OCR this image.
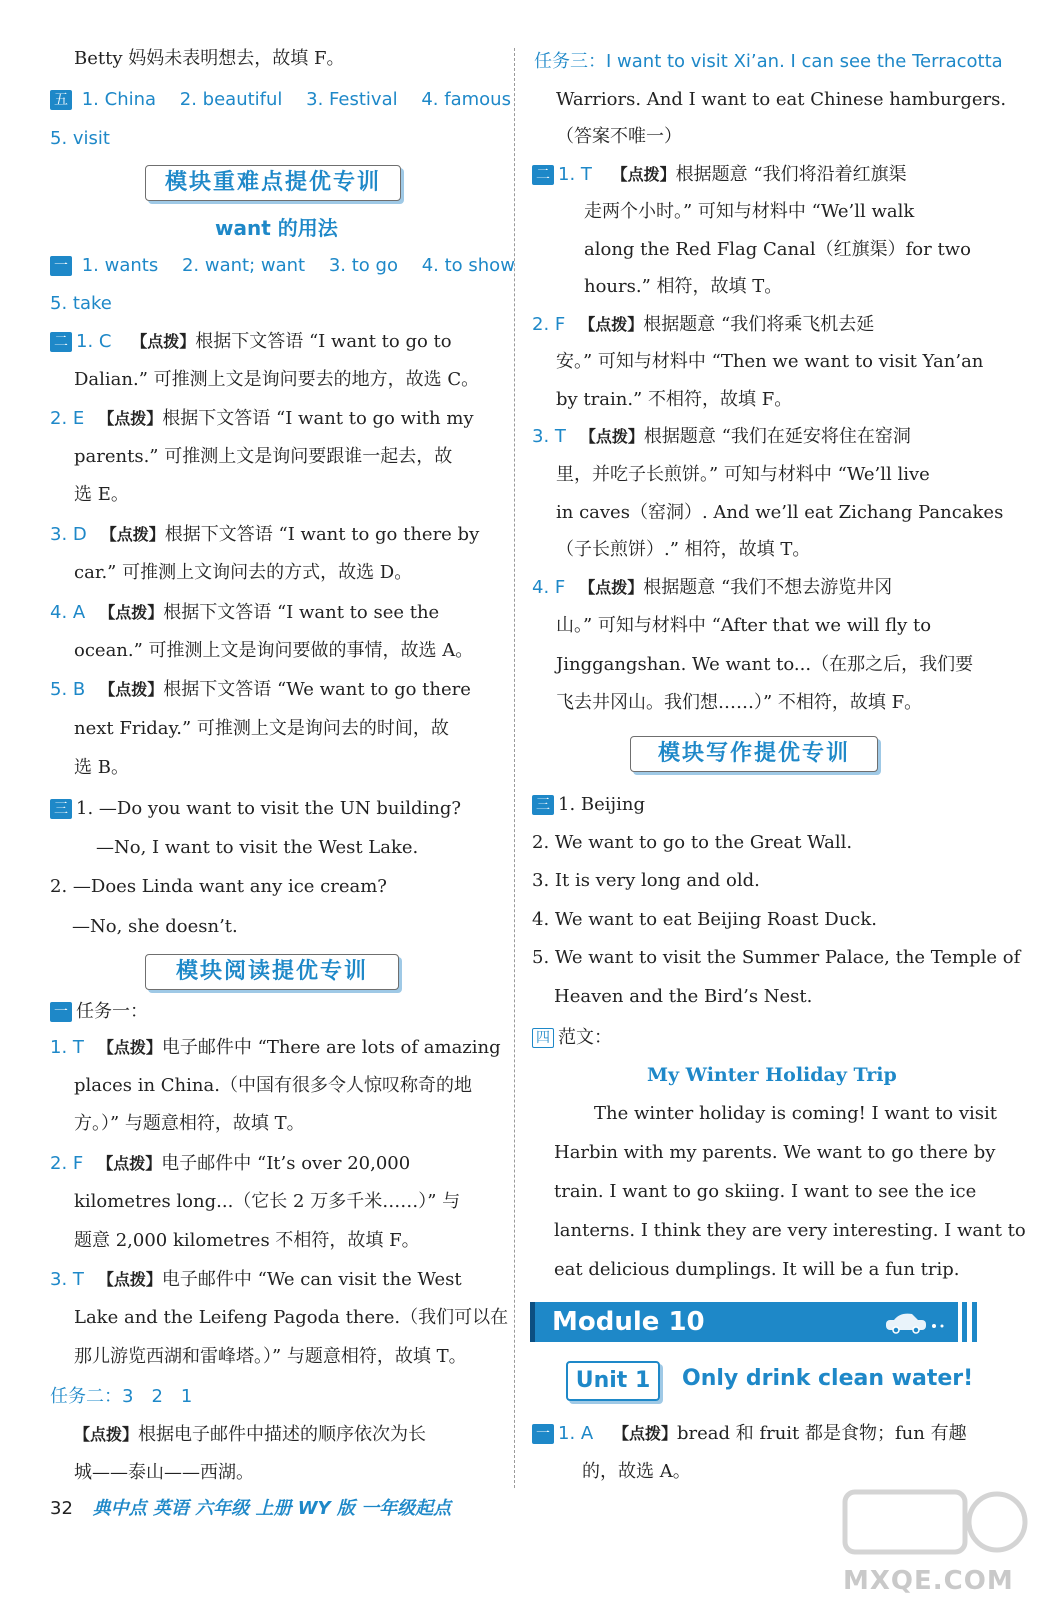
Betty 妈妈未表明想去，故填 F。
五 1. China 2. beautiful 3. Festival 4. famous
5. visit
模块重难点提优专训
want 的用法
一 1. wants 2. want; want 3. to go 4. to show
5. take
二 1. C 【点拨】根据下文答语 “I want to go to
Dalian.” 可推测上文是询问要去的地方，故选 C。
2. E 【点拨】根据下文答语 “I want to go with my
parents.” 可推测上文是询问要跟谁一起去，故
选 E。
3. D 【点拨】根据下文答语 “I want to go there by
car.” 可推测上文询问去的方式，故选 D。
4. A 【点拨】根据下文答语 “I want to see the
ocean.” 可推测上文是询问要做的事情，故选 A。
5. B 【点拨】根据下文答语 “We want to go there
next Friday.” 可推测上文是询问去的时间，故
选 B。
三 1. —Do you want to visit the UN building?
—No, I want to visit the West Lake.
2. —Does Linda want any ice cream?
—No, she doesn’t.
模块阅读提优专训
一 任务一：
1. T 【点拨】电子邮件中 “There are lots of amazing
places in China.（中国有很多令人惊叹称奇的地
方。）” 与题意相符，故填 T。
2. F 【点拨】电子邮件中 “It’s over 20,000
kilometres long...（它长 2 万多千米……）” 与
题意 2,000 kilometres 不相符，故填 F。
3. T 【点拨】电子邮件中 “We can visit the West
Lake and the Leifeng Pagoda there.（我们可以在
那儿游览西湖和雷峰塔。）” 与题意相符，故填 T。
任务二：3　2　1
【点拨】根据电子邮件中描述的顺序依次为长
城——泰山——西湖。
任务三：I want to visit Xi’an. I can see the Terracotta
Warriors. And I want to eat Chinese hamburgers.
（答案不唯一）
二 1. T 【点拨】根据题意 “我们将沿着红旗渠
走两个小时。” 可知与材料中 “We’ll walk
along the Red Flag Canal（红旗渠）for two
hours.” 相符，故填 T。
2. F 【点拨】根据题意 “我们将乘飞机去延
安。” 可知与材料中 “Then we want to visit Yan’an
by train.” 不相符，故填 F。
3. T 【点拨】根据题意 “我们在延安将住在窑洞
里，并吃子长煎饼。” 可知与材料中 “We’ll live
in caves（窑洞）. And we’ll eat Zichang Pancakes
（子长煎饼）.” 相符，故填 T。
4. F 【点拨】根据题意 “我们不想去游览井冈
山。” 可知与材料中 “After that we will fly to
Jinggangshan. We want to...（在那之后，我们要
飞去井冈山。我们想……）” 不相符，故填 F。
模块写作提优专训
三 1. Beijing
2. We want to go to the Great Wall.
3. It is very long and old.
4. We want to eat Beijing Roast Duck.
5. We want to visit the Summer Palace, the Temple of
Heaven and the Bird’s Nest.
四 范文：
My Winter Holiday Trip
The winter holiday is coming! I want to visit
Harbin with my parents. We want to go there by
train. I want to go skiing. I want to see the ice
lanterns. I think they are very interesting. I want to
eat delicious dumplings. It will be a fun trip.
Module 10
Unit 1	Only drink clean water!
一 1. A 【点拨】bread 和 fruit 都是食物；fun 有趣
的，故选 A。
32 典中点 英语 六年级 上册 WY 版 一年级起点
MXQE.COM
